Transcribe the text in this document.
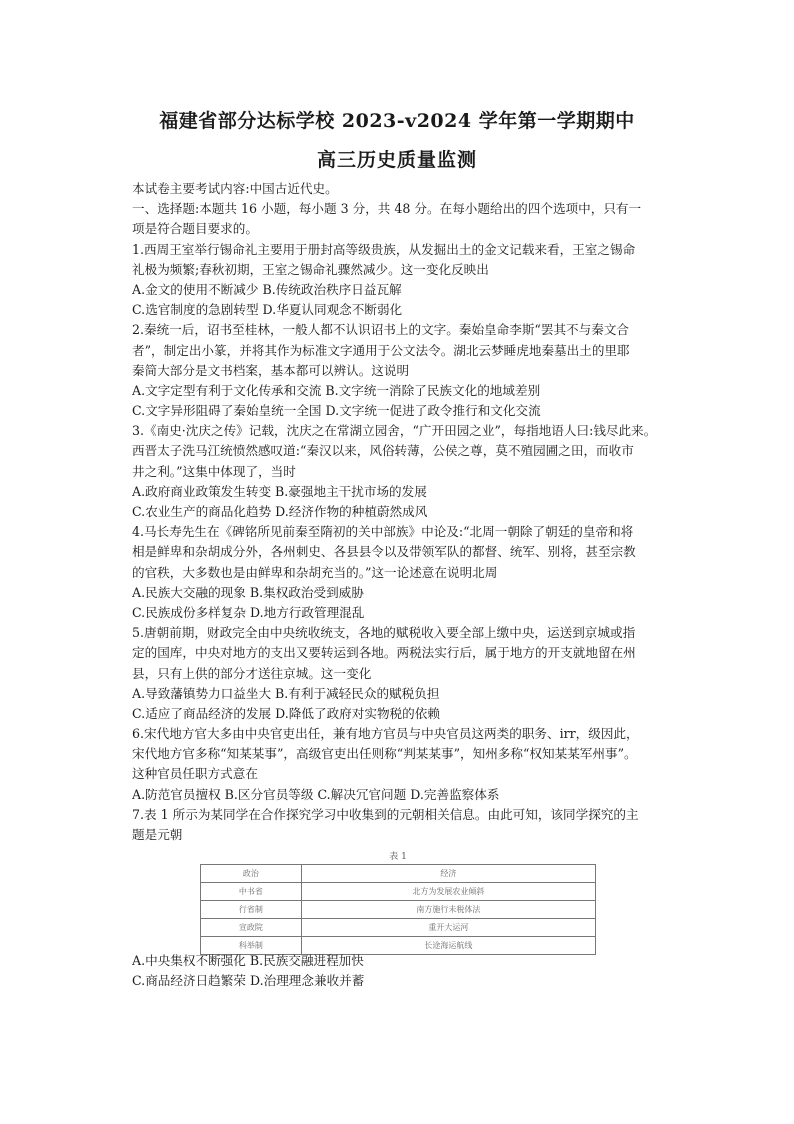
福建省部分达标学校 2023-v2024 学年第一学期期中
高三历史质量监测
本试卷主要考试内容:中国古近代史。
一、选择题:本题共 16 小题，每小题 3 分，共 48 分。在每小题给出的四个选项中，只有一
项是符合题目要求的。
1.西周王室举行锡命礼主要用于册封高等级贵族，从发掘出土的金文记载来看，王室之锡命
礼极为频繁;春秋初期，王室之锡命礼骤然减少。这一变化反映出
A.金文的使用不断减少 B.传统政治秩序日益瓦解
C.选官制度的急剧转型 D.华夏认同观念不断弱化
2.秦统一后，诏书至桂林，一般人都不认识诏书上的文字。秦始皇命李斯“罢其不与秦文合
者”，制定出小篆，并将其作为标准文字通用于公文法令。湖北云梦睡虎地秦墓出土的里耶
秦简大部分是文书档案，基本都可以辨认。这说明
A.文字定型有利于文化传承和交流 B.文字统一消除了民族文化的地域差别
C.文字异形阻碍了秦始皇统一全国 D.文字统一促进了政令推行和文化交流
3.《南史·沈庆之传》记载，沈庆之在常湖立园舍，“广开田园之业”，每指地语人曰:钱尽此来。
西晋太子洗马江统愤然感叹道:“秦汉以来，风俗转薄，公侯之尊，莫不殖园圃之田，而收市
井之利。”这集中体现了，当时
A.政府商业政策发生转变 B.豪强地主干扰市场的发展
C.农业生产的商品化趋势 D.经济作物的种植蔚然成风
4.马长寿先生在《碑铭所见前秦至隋初的关中部族》中论及:“北周一朝除了朝廷的皇帝和将
相是鲜卑和杂胡成分外，各州刺史、各县县令以及带领军队的都督、统军、别将，甚至宗教
的官秩，大多数也是由鲜卑和杂胡充当的。”这一论述意在说明北周
A.民族大交融的现象 B.集权政治受到威胁
C.民族成份多样复杂 D.地方行政管理混乱
5.唐朝前期，财政完全由中央统收统支，各地的赋税收入要全部上缴中央，运送到京城或指
定的国库，中央对地方的支出又要转运到各地。两税法实行后，属于地方的开支就地留在州
县，只有上供的部分才送往京城。这一变化
A.导致藩镇势力口益坐大 B.有利于减轻民众的赋税负担
C.适应了商品经济的发展 D.降低了政府对实物税的依赖
6.宋代地方官大多由中央官吏出任，兼有地方官员与中央官员这两类的职务、irr，级因此，
宋代地方官多称“知某某事”，高级官吏出任则称“判某某事”，知州多称“权知某某军州事”。
这种官员任职方式意在
A.防范官员擅权 B.区分官员等级 C.解决冗官问题 D.完善监察体系
7.表 1 所示为某同学在合作探究学习中收集到的元朝相关信息。由此可知，该同学探究的主
题是元朝
表 1
政治	经济
中书省	北方为发展农业倾斜
行省制	南方施行未税体法
宣政院	重开大运河
科举制	长途海运航线
A.中央集权不断强化 B.民族交融进程加快
C.商品经济日趋繁荣 D.治理理念兼收并蓄
